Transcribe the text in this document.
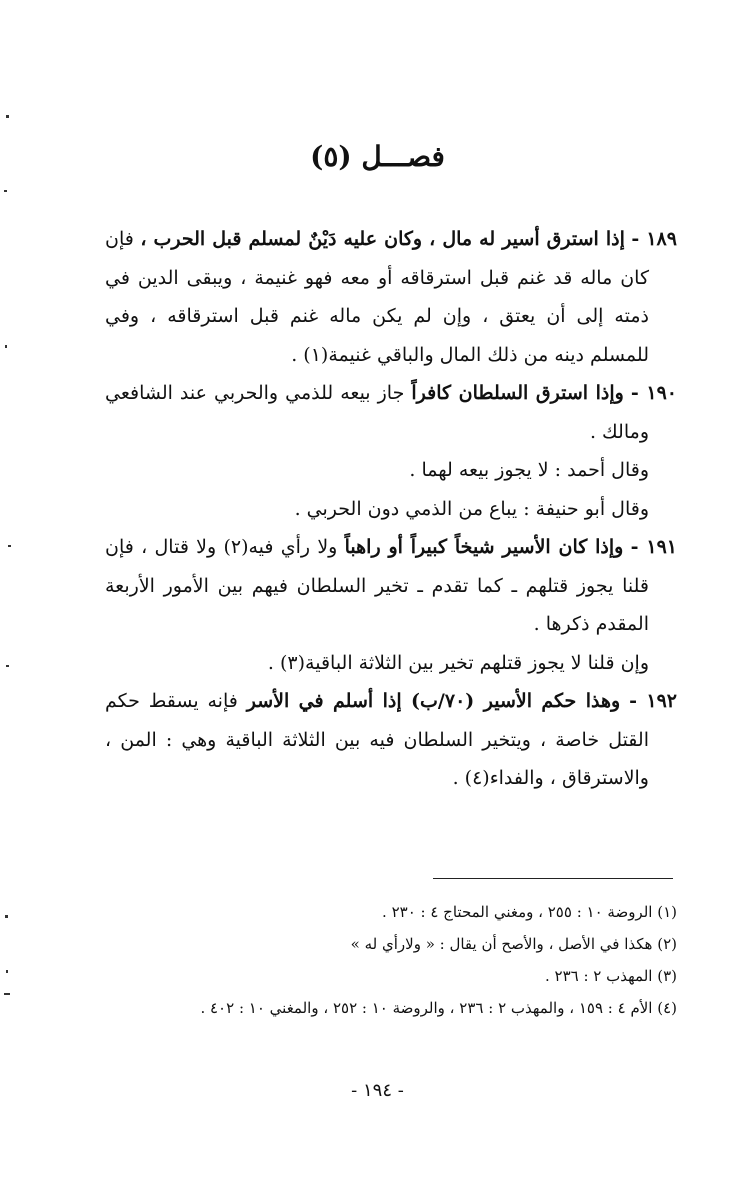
فصـــل (٥)

١٨٩ - إذا استرق أسير له مال ، وكان عليه دَيْنٌ لمسلم قبل الحرب ، فإن كان ماله قد غنم قبل استرقاقه أو معه فهو غنيمة ، ويبقى الدين في ذمته إلى أن يعتق ، وإن لم يكن ماله غنم قبل استرقاقه ، وفي للمسلم دينه من ذلك المال والباقي غنيمة(١) .

١٩٠ - وإذا استرق السلطان كافراً جاز بيعه للذمي والحربي عند الشافعي ومالك .

وقال أحمد : لا يجوز بيعه لهما .

وقال أبو حنيفة : يباع من الذمي دون الحربي .

١٩١ - وإذا كان الأسير شيخاً كبيراً أو راهباً ولا رأي فيه(٢) ولا قتال ، فإن قلنا يجوز قتلهم ـ كما تقدم ـ تخير السلطان فيهم بين الأمور الأربعة المقدم ذكرها .

وإن قلنا لا يجوز قتلهم تخير بين الثلاثة الباقية(٣) .

١٩٢ - وهذا حكم الأسير (٧٠/ب) إذا أسلم في الأسر فإنه يسقط حكم القتل خاصة ، ويتخير السلطان فيه بين الثلاثة الباقية وهي : المن ، والاسترقاق ، والفداء(٤) .

(١) الروضة ١٠ : ٢٥٥ ، ومغني المحتاج ٤ : ٢٣٠ .

(٢) هكذا في الأصل ، والأصح أن يقال : « ولارأي له »

(٣) المهذب ٢ : ٢٣٦ .

(٤) الأم ٤ : ١٥٩ ، والمهذب ٢ : ٢٣٦ ، والروضة ١٠ : ٢٥٢ ، والمغني ١٠ : ٤٠٢ .

- ١٩٤ -
